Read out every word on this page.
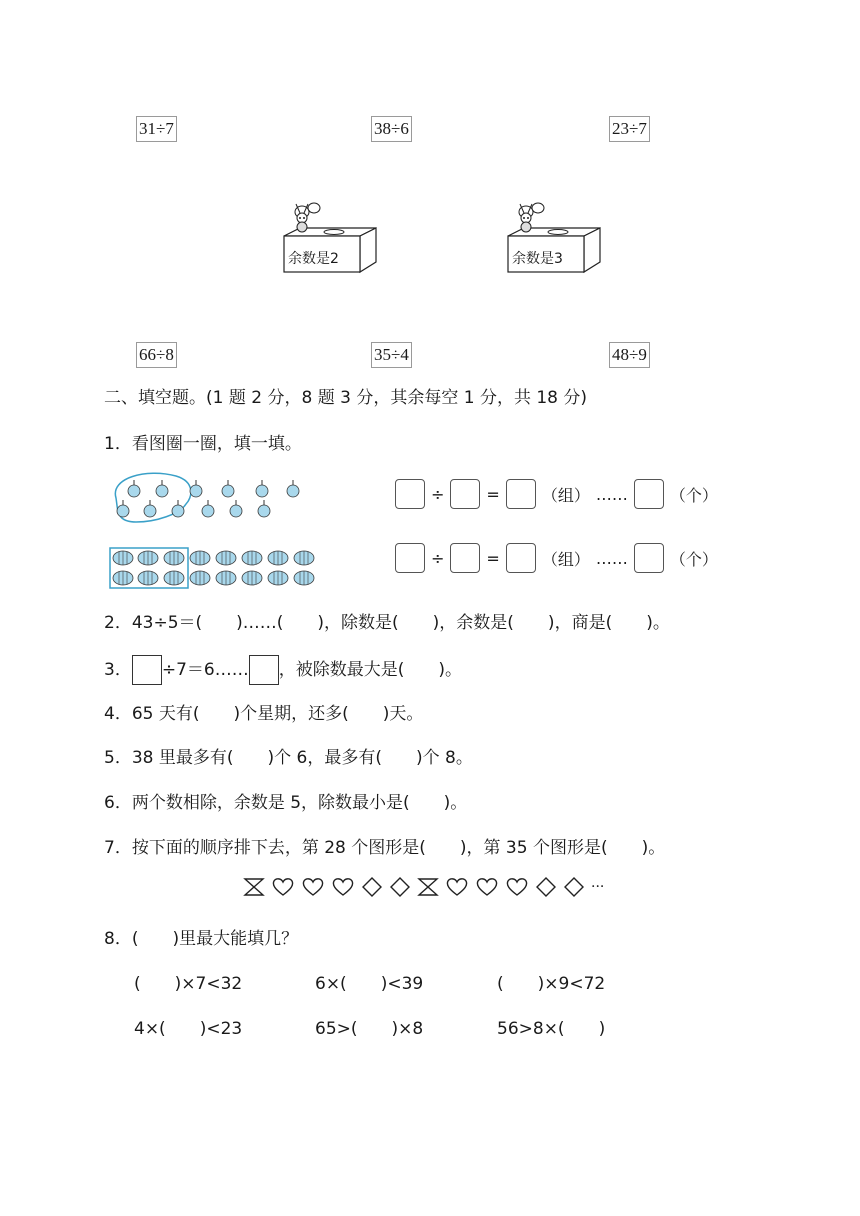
31÷7	38÷6	23÷7
余数是2	余数是3
66÷8	35÷4	48÷9
二、填空题。(1 题 2 分，8 题 3 分，其余每空 1 分，共 18 分)
1．看图圈一圈，填一填。
÷	=	（组） ……	（个）
÷	=	（组） ……	（个）
2．43÷5＝(　　)……(　　)，除数是(　　)，余数是(　　)，商是(　　)。
3． ÷7＝6…… ，被除数最大是(　　)。
4．65 天有(　　)个星期，还多(　　)天。
5．38 里最多有(　　)个 6，最多有(　　)个 8。
6．两个数相除，余数是 5，除数最小是(　　)。
7．按下面的顺序排下去，第 28 个图形是(　　)，第 35 个图形是(　　)。
···
8．(　　)里最大能填几？
(　　)×7<32	6×(　　)<39	(　　)×9<72
4×(　　)<23	65>(　　)×8	56>8×(　　)
